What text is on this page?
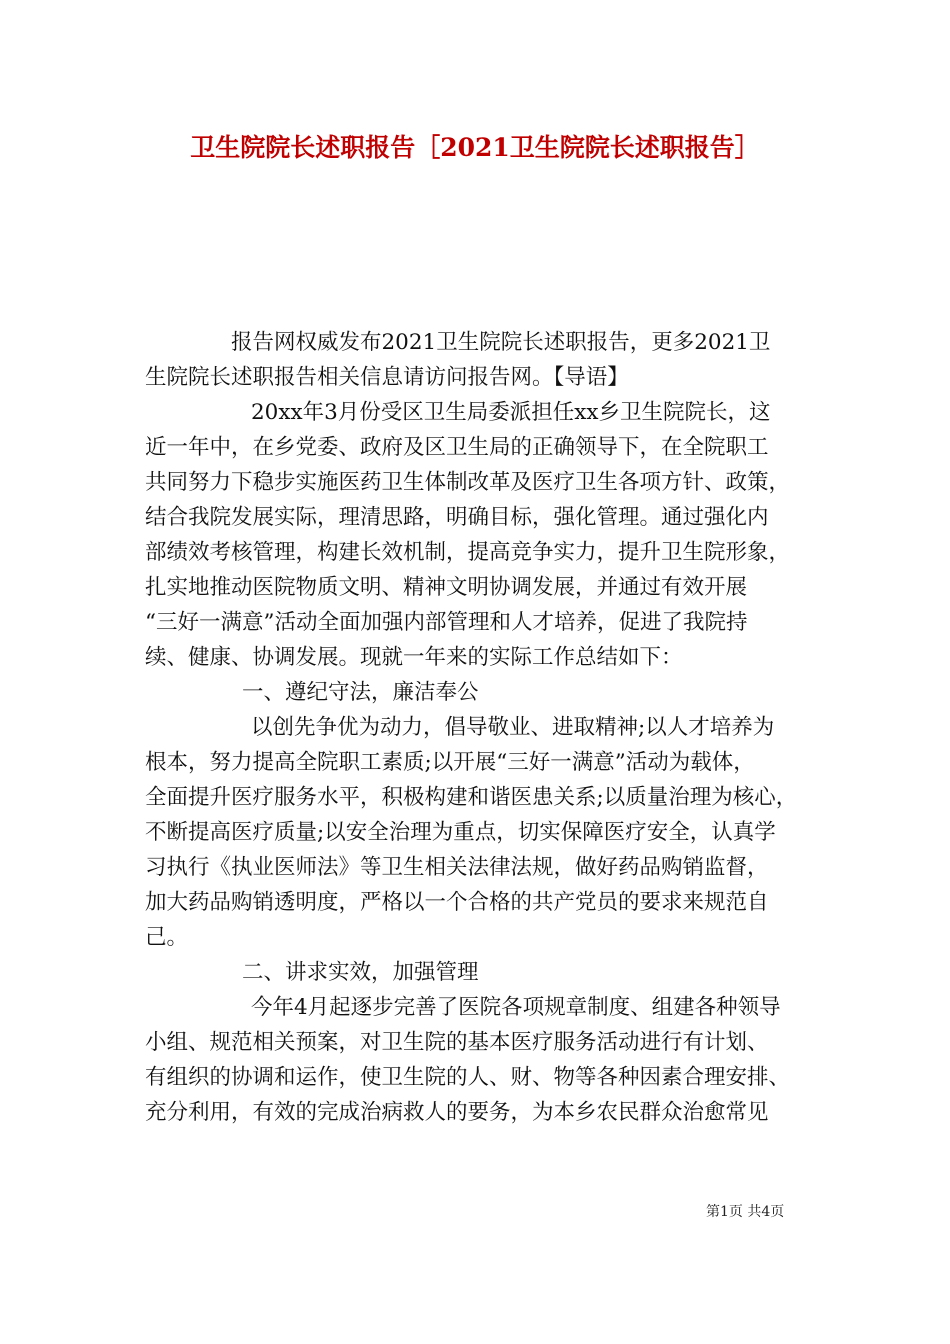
卫生院院长述职报告［2021卫生院院长述职报告］
报告网权威发布2021卫生院院长述职报告，更多2021卫
生院院长述职报告相关信息请访问报告网。【导语】
20xx年3月份受区卫生局委派担任xx乡卫生院院长，这
近一年中，在乡党委、政府及区卫生局的正确领导下，在全院职工
共同努力下稳步实施医药卫生体制改革及医疗卫生各项方针、政策，
结合我院发展实际，理清思路，明确目标，强化管理。通过强化内
部绩效考核管理，构建长效机制，提高竞争实力，提升卫生院形象，
扎实地推动医院物质文明、精神文明协调发展，并通过有效开展
“三好一满意”活动全面加强内部管理和人才培养，促进了我院持
续、健康、协调发展。现就一年来的实际工作总结如下：
一、遵纪守法，廉洁奉公
以创先争优为动力，倡导敬业、进取精神;以人才培养为
根本，努力提高全院职工素质;以开展“三好一满意”活动为载体，
全面提升医疗服务水平，积极构建和谐医患关系;以质量治理为核心，
不断提高医疗质量;以安全治理为重点，切实保障医疗安全，认真学
习执行《执业医师法》等卫生相关法律法规，做好药品购销监督，
加大药品购销透明度，严格以一个合格的共产党员的要求来规范自
己。
二、讲求实效，加强管理
今年4月起逐步完善了医院各项规章制度、组建各种领导
小组、规范相关预案，对卫生院的基本医疗服务活动进行有计划、
有组织的协调和运作，使卫生院的人、财、物等各种因素合理安排、
充分利用，有效的完成治病救人的要务，为本乡农民群众治愈常见
第1页 共4页
